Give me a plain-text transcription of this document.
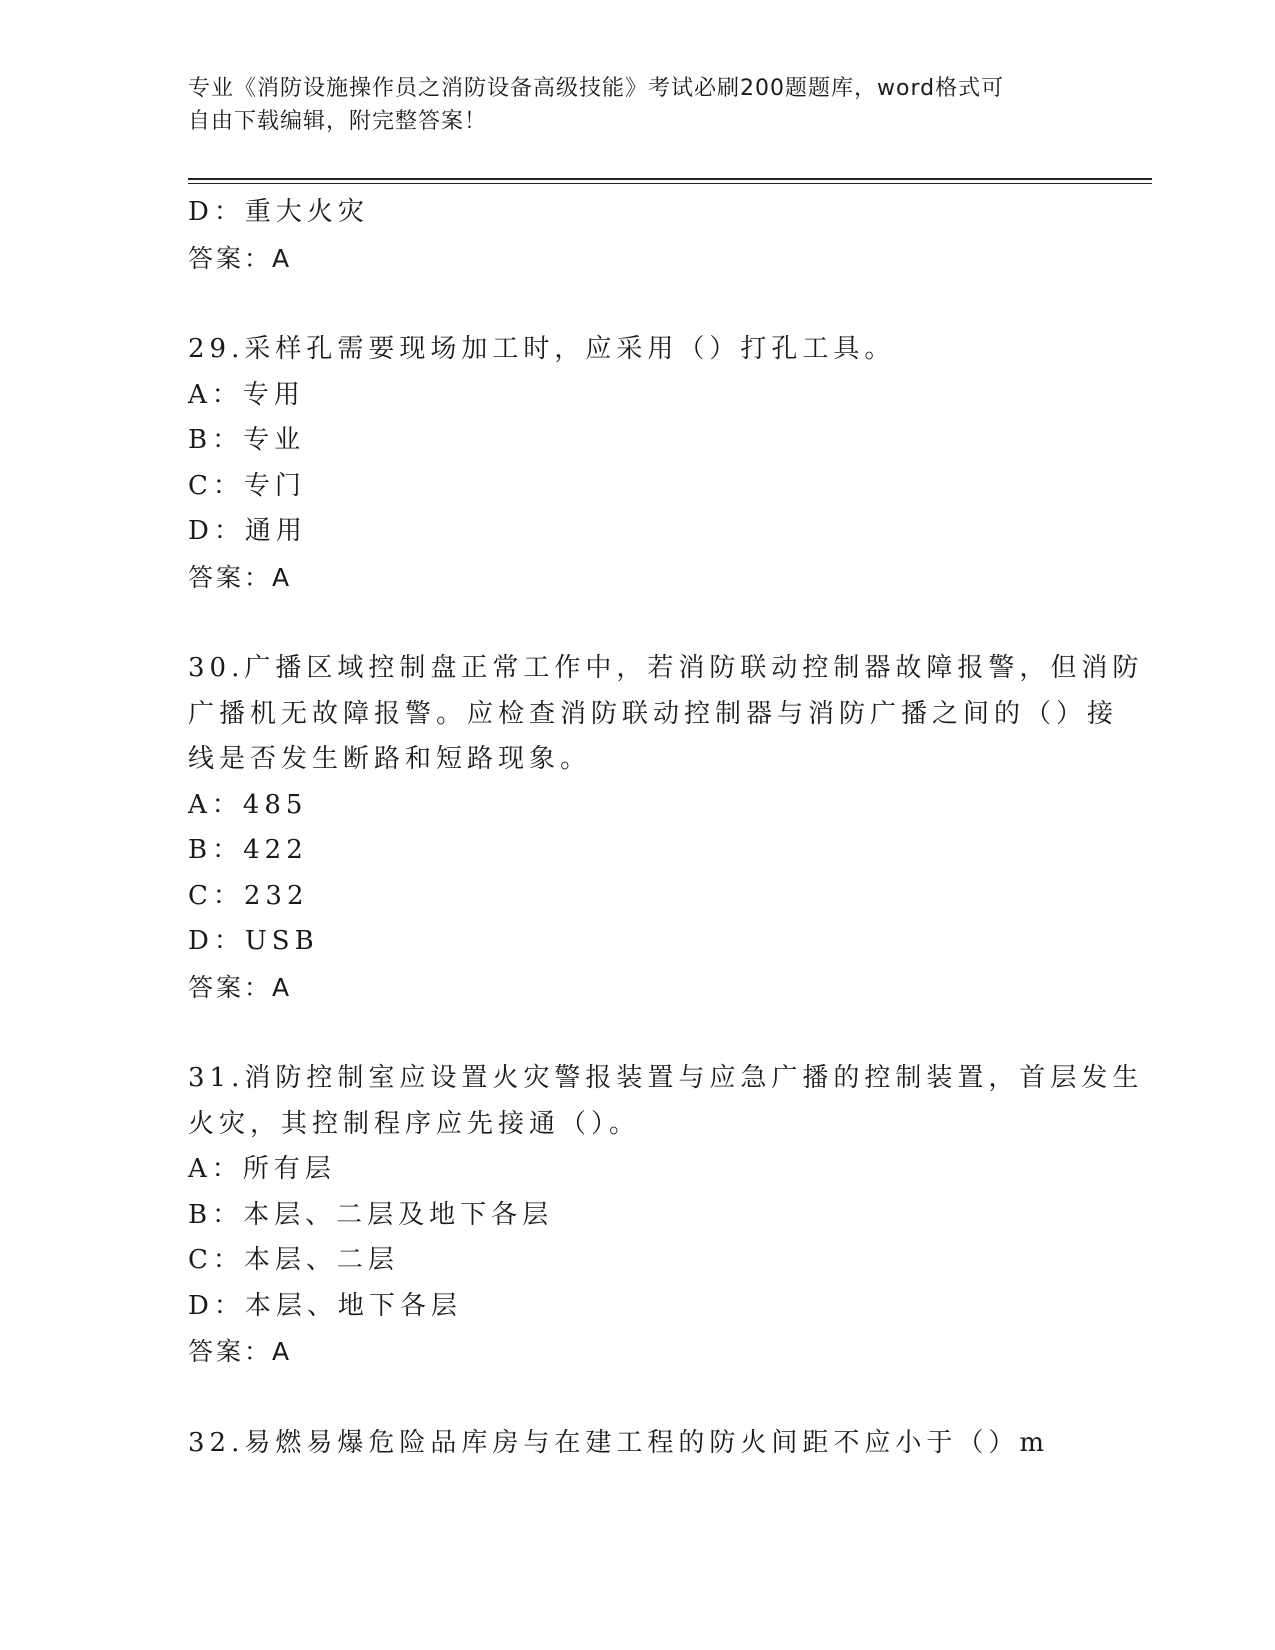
专业《消防设施操作员之消防设备高级技能》考试必刷200题题库，word格式可
自由下载编辑，附完整答案！
D：重大火灾
答案：A
29.采样孔需要现场加工时，应采用（）打孔工具。
A：专用
B：专业
C：专门
D：通用
答案：A
30.广播区域控制盘正常工作中，若消防联动控制器故障报警，但消防
广播机无故障报警。应检查消防联动控制器与消防广播之间的（）接
线是否发生断路和短路现象。
A：485
B：422
C：232
D：USB
答案：A
31.消防控制室应设置火灾警报装置与应急广播的控制装置，首层发生
火灾，其控制程序应先接通（）。
A：所有层
B：本层、二层及地下各层
C：本层、二层
D：本层、地下各层
答案：A
32.易燃易爆危险品库房与在建工程的防火间距不应小于（）m
